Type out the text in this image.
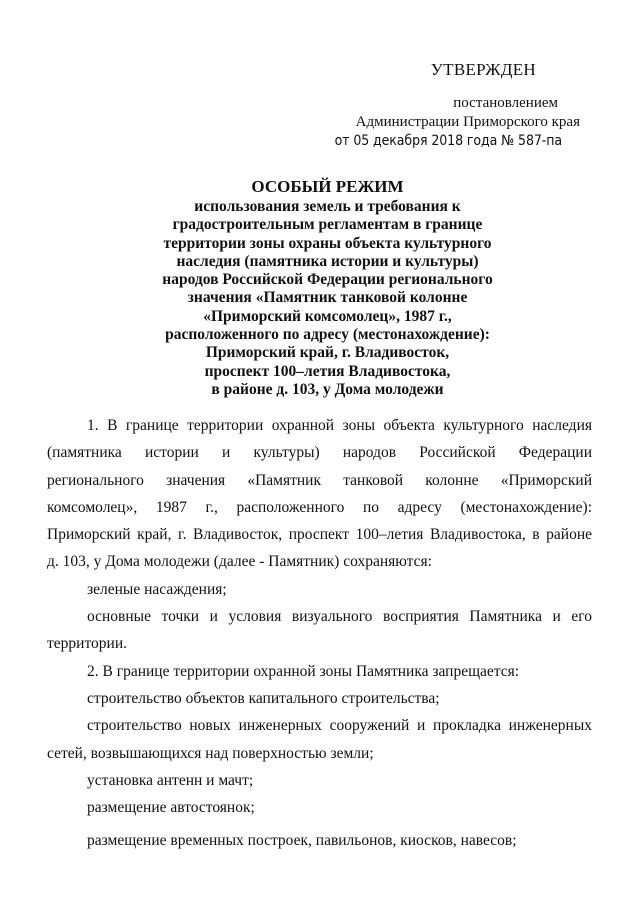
УТВЕРЖДЕН

постановлением

Администрации Приморского края

от 05 декабря 2018 года № 587-па

ОСОБЫЙ РЕЖИМ

использования земель и требования к

градостроительным регламентам в границе

территории зоны охраны объекта культурного

наследия (памятника истории и культуры)

народов Российской Федерации регионального

значения «Памятник танковой колонне

«Приморский комсомолец», 1987 г.,

расположенного по адресу (местонахождение):

Приморский край, г. Владивосток,

проспект 100–летия Владивостока,

в районе д. 103, у Дома молодежи

1. В границе территории охранной зоны объекта культурного наследия

(памятника истории и культуры) народов Российской Федерации

регионального значения «Памятник танковой колонне «Приморский

комсомолец», 1987 г., расположенного по адресу (местонахождение):

Приморский край, г. Владивосток, проспект 100–летия Владивостока, в районе

д. 103, у Дома молодежи (далее - Памятник) сохраняются:

зеленые насаждения;

основные точки и условия визуального восприятия Памятника и его

территории.

2. В границе территории охранной зоны Памятника запрещается:

строительство объектов капитального строительства;

строительство новых инженерных сооружений и прокладка инженерных

сетей, возвышающихся над поверхностью земли;

установка антенн и мачт;

размещение автостоянок;

размещение временных построек, павильонов, киосков, навесов;
